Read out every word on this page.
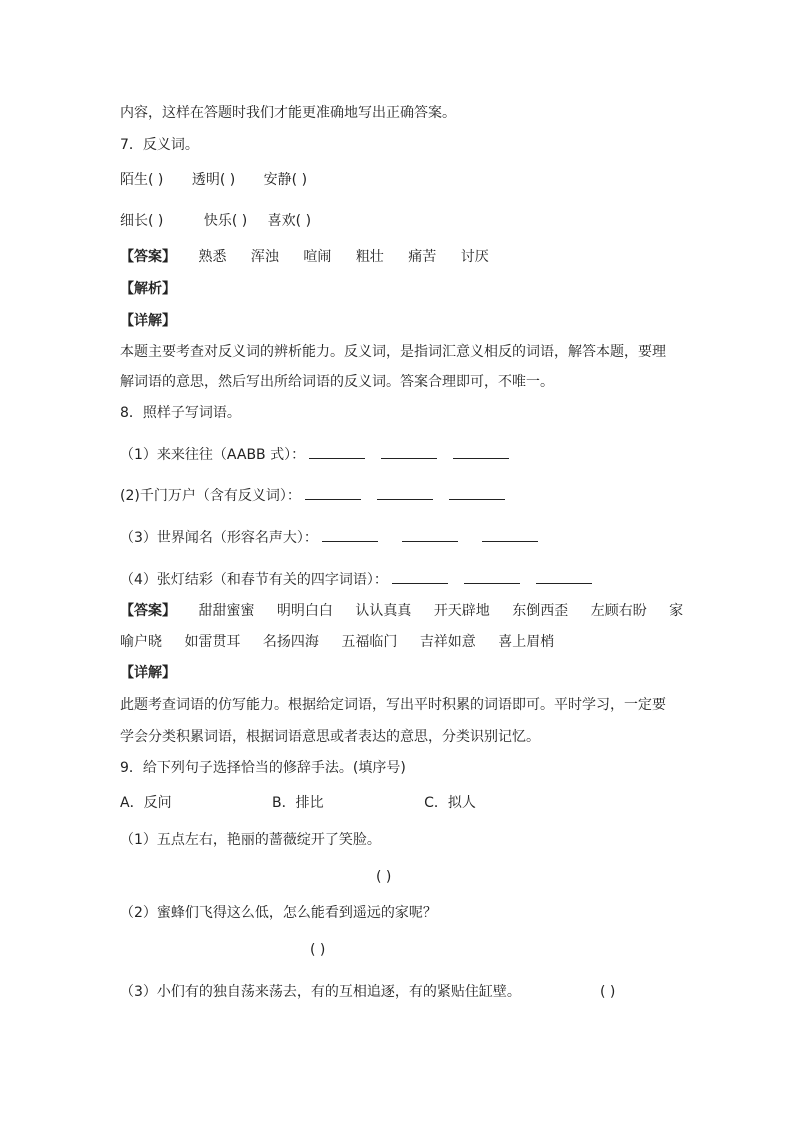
内容，这样在答题时我们才能更准确地写出正确答案。
7．反义词。
陌生( ) 透明( ) 安静( )
细长( )	快乐( ) 喜欢( )
【答案】 熟悉 浑浊 喧闹 粗壮 痛苦 讨厌
【解析】
【详解】
本题主要考查对反义词的辨析能力。反义词，是指词汇意义相反的词语，解答本题，要理
解词语的意思，然后写出所给词语的反义词。答案合理即可，不唯一。
8．照样子写词语。
（1）来来往往（AABB 式）：
(2)千门万户（含有反义词）：
（3）世界闻名（形容名声大）：
（4）张灯结彩（和春节有关的四字词语）：
【答案】 甜甜蜜蜜 明明白白 认认真真 开天辟地 东倒西歪 左顾右盼 家
喻户晓 如雷贯耳 名扬四海 五福临门 吉祥如意 喜上眉梢
【详解】
此题考查词语的仿写能力。根据给定词语，写出平时积累的词语即可。平时学习，一定要
学会分类积累词语，根据词语意思或者表达的意思，分类识别记忆。
9．给下列句子选择恰当的修辞手法。(填序号)
A．反问	B．排比	C．拟人
（1）五点左右，艳丽的蔷薇绽开了笑脸。
( )
（2）蜜蜂们飞得这么低，怎么能看到遥远的家呢？
( )
（3）小们有的独自荡来荡去，有的互相追逐，有的紧贴住缸壁。	( )
